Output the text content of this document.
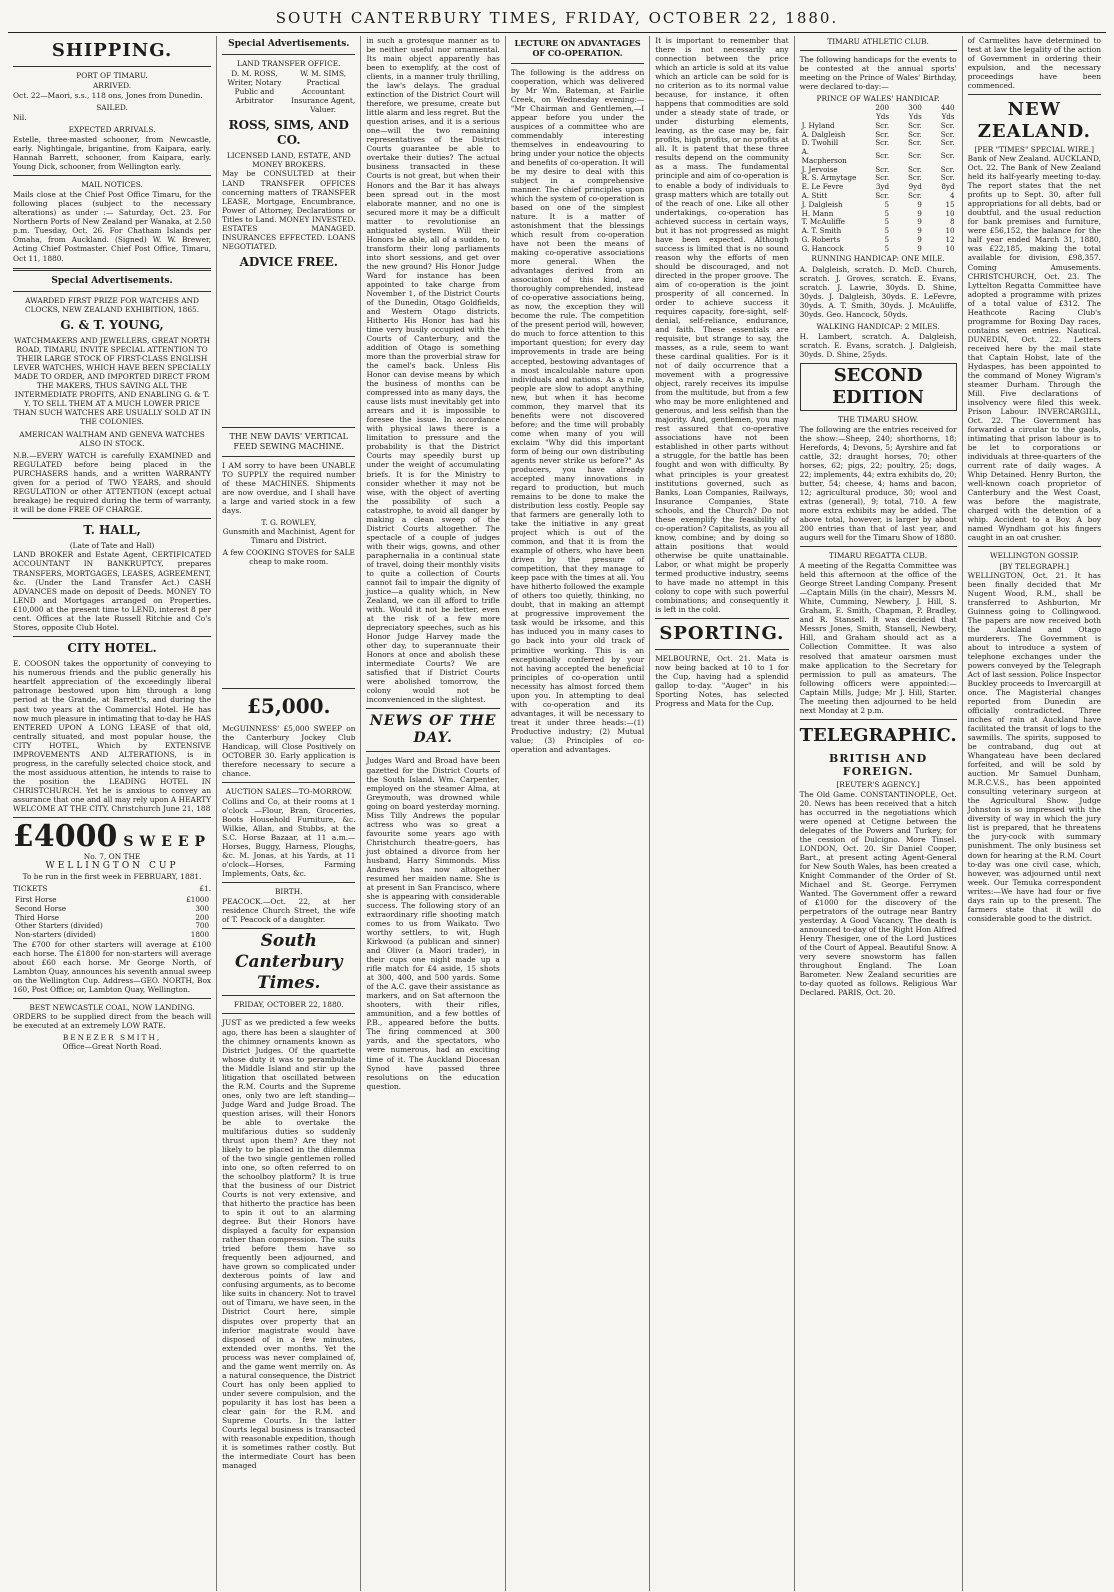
SOUTH CANTERBURY TIMES, FRIDAY, OCTOBER 22, 1880.
SHIPPING.
PORT OF TIMARU.
ARRIVED.

Oct. 22—Maori, s.s., 118 ons, Jones from Dunedin.

SAILED.

Nil.

EXPECTED ARRIVALS.

Estelle, three-masted schooner, from Newcastle, early. Nightingale, brigantine, from Kaipara, early. Hannah Barrett, schooner, from Kaipara, early. Young Dick, schooner, from Wellington early.

MAIL NOTICES.

Mails close at the Chief Post Office Timaru, for the following places (subject to the necessary alterations) as under :— Saturday, Oct. 23. For Northern Ports of New Zealand per Wanaka, at 2.50 p.m. Tuesday, Oct. 26. For Chatham Islands per Omaha, from Auckland. (Signed) W. W. Brewer, Acting Chief Postmaster. Chief Post Office, Timaru, Oct 11, 1880.

Special Advertisements.

AWARDED FIRST PRIZE FOR WATCHES AND CLOCKS, NEW ZEALAND EXHIBITION, 1865.

G. & T. YOUNG,

WATCHMAKERS AND JEWELLERS, GREAT NORTH ROAD, TIMARU, INVITE SPECIAL ATTENTION TO THEIR LARGE STOCK OF FIRST-CLASS ENGLISH LEVER WATCHES, WHICH HAVE BEEN SPECIALLY MADE TO ORDER, AND IMPORTED DIRECT FROM THE MAKERS, THUS SAVING ALL THE INTERMEDIATE PROFITS, AND ENABLING G. & T. Y. TO SELL THEM AT A MUCH LOWER PRICE THAN SUCH WATCHES ARE USUALLY SOLD AT IN THE COLONIES.

AMERICAN WALTHAM AND GENEVA WATCHES ALSO IN STOCK.

N.B.—EVERY WATCH is carefully EXAMINED and REGULATED before being placed in the PURCHASERS hands, and a written WARRANTY given for a period of TWO YEARS, and should REGULATION or other ATTENTION (except actual breakage) be required during the term of warranty, it will be done FREE OF CHARGE.

T. HALL,
(Late of Tate and Hall)

LAND BROKER and Estate Agent, CERTIFICATED ACCOUNTANT IN BANKRUPTCY, prepares TRANSFERS, MORTGAGES, LEASES, AGREEMENT, &c. (Under the Land Transfer Act.) CASH ADVANCES made on deposit of Deeds. MONEY TO LEND and Mortgages arranged on Properties. £10,000 at the present time to LEND, interest 8 per cent. Offices at the late Russell Ritchie and Co's Stores, opposite Club Hotel.

CITY HOTEL.

E. COOSON takes the opportunity of conveying to his numerous friends and the public generally his heartfelt appreciation of the exceedingly liberal patronage bestowed upon him through a long period at the Grande, at Barrett's, and during the past two years at the Commercial Hotel. He has now much pleasure in intimating that to-day he HAS ENTERED UPON A LONG LEASE of that old, centrally situated, and most popular house, the CITY HOTEL, Which by EXTENSIVE IMPROVEMENTS AND ALTERATIONS, is in progress, in the carefully selected choice stock, and the most assiduous attention, he intends to raise to the position the LEADING HOTEL IN CHRISTCHURCH. Yet he is anxious to convey an assurance that one and all may rely upon A HEARTY WELCOME AT THE CITY. Christchurch June 21, 188

£4000 SWEEP
No. 7, ON THE
WELLINGTON CUP
To be run in the first week in FEBRUARY, 1881.
TICKETS	£1.
First Horse	£1000
Second Horse	300
Third Horse	200
Other Starters (divided)	700
Non-starters (divided)	1800

The £700 for other starters will average at £100 each horse. The £1800 for non-starters will average about £60 each horse. Mr George North, of Lambton Quay, announces his seventh annual sweep on the Wellington Cup. Address—GEO. NORTH, Box 160, Post Office; or, Lambton Quay, Wellington.

BEST NEWCASTLE COAL, NOW LANDING.

ORDERS to be supplied direct from the beach will be executed at an extremely LOW RATE.

BENEZER SMITH,
Office—Great North Road.
Special Advertisements.
LAND TRANSFER OFFICE.
D. M. ROSS, Writer, Notary Public and Arbitrator
W. M. SIMS, Practical Accountant Insurance Agent, Valuer.
ROSS, SIMS, AND CO.
LICENSED LAND, ESTATE, AND MONEY BROKERS.

May be CONSULTED at their LAND TRANSFER OFFICES concerning matters of TRANSFER LEASE, Mortgage, Encumbrance, Power of Attorney, Declarations or Titles to Land. MONEY INVESTED. ESTATES MANAGED. INSURANCES EFFECTED. LOANS NEGOTIATED.

ADVICE FREE.
THE NEW DAVIS' VERTICAL FEED SEWING MACHINE.

I AM sorry to have been UNABLE TO SUPPLY the required number of these MACHINES. Shipments are now overdue, and I shall have a large and varied stock in a few days.

T. G. ROWLEY,

Gunsmith and Machinist, Agent for Timaru and District.

A few COOKING STOVES for SALE cheap to make room.

£5,000.

McGUINNESS' £5,000 SWEEP on the Canterbury Jockey Club Handicap, will Close Positively on OCTOBER 30. Early application is therefore necessary to secure a chance.

AUCTION SALES—TO-MORROW.

Collins and Co, at their rooms at 1 o'clock —Flour, Bran, Groceries, Boots Household Furniture, &c. Wilkie, Allan, and Stubbs, at the S.C. Horse Bazaar, at 11 a.m.—Horses, Buggy, Harness, Ploughs, &c. M. Jonas, at his Yards, at 11 o'clock—Horses, Farming Implements, Oats, &c.

BIRTH.

PEACOCK.—Oct. 22, at her residence Church Street, the wife of T. Peacock of a daughter.

South Canterbury Times.
FRIDAY, OCTOBER 22, 1880.

JUST as we predicted a few weeks ago, there has been a slaughter of the chimney ornaments known as District Judges. Of the quartette whose duty it was to perambulate the Middle Island and stir up the litigation that oscillated between the R.M. Courts and the Supreme ones, only two are left standing—Judge Ward and Judge Broad. The question arises, will their Honors be able to overtake the multifarious duties so suddenly thrust upon them? Are they not likely to be placed in the dilemma of the two single gentlemen rolled into one, so often referred to on the schoolboy platform? It is true that the business of our District Courts is not very extensive, and that hitherto the practice has been to spin it out to an alarming degree. But their Honors have displayed a faculty for expansion rather than compression. The suits tried before them have so frequently been adjourned, and have grown so complicated under dexterous points of law and confusing arguments, as to become like suits in chancery. Not to travel out of Timaru, we have seen, in the District Court here, simple disputes over property that an inferior magistrate would have disposed of in a few minutes, extended over months. Yet the process was never complained of, and the game went merrily on. As a natural consequence, the District Court has only been applied to under severe compulsion, and the popularity it has lost has been a clear gain for the R.M. and Supreme Courts. In the latter Courts legal business is transacted with reasonable expedition, though it is sometimes rather costly. But the intermediate Court has been managed

in such a grotesque manner as to be neither useful nor ornamental. Its main object apparently has been to exemplify, at the cost of clients, in a manner truly thrilling, the law's delays. The gradual extinction of the District Court will therefore, we presume, create but little alarm and less regret. But the question arises, and it is a serious one—will the two remaining representatives of the District Courts guarantee be able to overtake their duties? The actual business transacted in these Courts is not great, but when their Honors and the Bar it has always been spread out in the most elaborate manner, and no one is secured more it may be a difficult matter to revolutionise an antiquated system. Will their Honors be able, all of a sudden, to transform their long parliaments into short sessions, and get over the new ground? His Honor Judge Ward for instance has been appointed to take charge from November 1, of the District Courts of the Dunedin, Otago Goldfields, and Western Otago districts. Hitherto His Honor has had his time very busily occupied with the Courts of Canterbury, and the addition of Otago is something more than the proverbial straw for the camel's back. Unless His Honor can devise means by which the business of months can be compressed into as many days, the cause lists must inevitably get into arrears and it is impossible to foresee the issue. In accordance with physical laws there is a limitation to pressure and the probability is that the District Courts may speedily burst up under the weight of accumulating briefs. It is for the Ministry to consider whether it may not be wise, with the object of averting the possibility of such a catastrophe, to avoid all danger by making a clean sweep of the District Courts altogether. The spectacle of a couple of judges with their wigs, gowns, and other paraphernalia in a continual state of travel, doing their monthly visits to quite a collection of Courts cannot fail to impair the dignity of justice—a quality which, in New Zealand, we can ill afford to trifle with. Would it not be better, even at the risk of a few more depreciatory speeches, such as his Honor Judge Harvey made the other day, to superannuate their Honors at once and abolish these intermediate Courts? We are satisfied that if District Courts were abolished tomorrow, the colony would not be inconvenienced in the slightest.

NEWS OF THE DAY.

Judges Ward and Broad have been gazetted for the District Courts of the South Island. Wm. Carpenter, employed on the steamer Alma, at Greymouth, was drowned while going on board yesterday morning. Miss Tilly Andrews the popular actress who was so great a favourite some years ago with Christchurch theatre-goers, has just obtained a divorce from her husband, Harry Simmonds. Miss Andrews has now altogether resumed her maiden name. She is at present in San Francisco, where she is appearing with considerable success. The following story of an extraordinary rifle shooting match comes to us from Waikato. Two worthy settlers, to wit, Hugh Kirkwood (a publican and sinner) and Oliver (a Maori trader), in their cups one night made up a rifle match for £4 aside, 15 shots at 300, 400, and 500 yards. Some of the A.C. gave their assistance as markers, and on Sat afternoon the shooters, with their rifles, ammunition, and a few bottles of P.B., appeared before the butts. The firing commenced at 300 yards, and the spectators, who were numerous, had an exciting time of it. The Auckland Diocesan Synod have passed three resolutions on the education question.

LECTURE ON ADVANTAGES OF CO-OPERATION.

The following is the address on cooperation, which was delivered by Mr Wm. Bateman, at Fairlie Creek, on Wednesday evening:— "Mr Chairman and Gentlemen,—I appear before you under the auspices of a committee who are commendably interesting themselves in endeavouring to bring under your notice the objects and benefits of co-operation. It will be my desire to deal with this subject in a comprehensive manner. The chief principles upon which the system of co-operation is based on one of the simplest nature. It is a matter of astonishment that the blessings which result from co-operation have not been the means of making co-operative associations more general. When the advantages derived from an association of this kind, are thoroughly comprehended, instead of co-operative associations being, as now, the exception they will become the rule. The competition of the present period will, however, do much to force attention to this important question; for every day improvements in trade are being accepted, bestowing advantages of a most incalculable nature upon individuals and nations. As a rule, people are slow to adopt anything new, but when it has become common, they marvel that its benefits were not discovered before; and the time will probably come when many of you will exclaim "Why did this important form of being our own distributing agents never strike us before?" As producers, you have already accepted many innovations in regard to production, but much remains to be done to make the distribution less costly. People say that farmers are generally loth to take the initiative in any great project which is out of the common, and that it is from the example of others, who have been driven by the pressure of competition, that they manage to keep pace with the times at all. You have hitherto followed the example of others too quietly, thinking, no doubt, that in making an attempt at progressive improvement the task would be irksome, and this has induced you in many cases to go back into your old track of primitive working. This is an exceptionally conferred by your not having accepted the beneficial principles of co-operation until necessity has almost forced them upon you. In attempting to deal with co-operation and its advantages, it will be necessary to treat it under three heads:—(1) Productive industry; (2) Mutual value; (3) Principles of co-operation and advantages.

It is important to remember that there is not necessarily any connection between the price which an article is sold at its value which an article can be sold for is no criterion as to its normal value because, for instance, it often happens that commodities are sold under a steady state of trade, or under disturbing elements, leaving, as the case may be, fair profits, high profits, or no profits at all. It is patent that these three results depend on the community as a mass. The fundamental principle and aim of co-operation is to enable a body of individuals to grasp matters which are totally out of the reach of one. Like all other undertakings, co-operation has achieved success in certain ways, but it has not progressed as might have been expected. Although success is limited that is no sound reason why the efforts of men should be discouraged, and not directed in the proper groove. The aim of co-operation is the joint prosperity of all concerned. In order to achieve success it requires capacity, fore-sight, self-denial, self-reliance, endurance, and faith. These essentials are requisite, but strange to say, the masses, as a rule, seem to want these cardinal qualities. For is it not of daily occurrence that a movement with a progressive object, rarely receives its impulse from the multitude, but from a few who may be more enlightened and generous, and less selfish than the majority. And, gentlemen, you may rest assured that co-operative associations have not been established in other parts without a struggle, for the battle has been fought and won with difficulty. By what principles is your greatest institutions governed, such as Banks, Loan Companies, Railways, Insurance Companies, State schools, and the Church? Do not these exemplify the feasibility of co-operation? Capitalists, as you all know, combine; and by doing so attain positions that would otherwise be quite unattainable. Labor, or what might be properly termed productive industry, seems to have made no attempt in this colony to cope with such powerful combinations; and consequently it is left in the cold.

SPORTING.

MELBOURNE, Oct. 21. Mata is now being backed at 10 to 1 for the Cup, having had a splendid gallop to-day. "Auger" in his Sporting Notes, has selected Progress and Mata for the Cup.

TIMARU ATHLETIC CLUB.

The following handicaps for the events to be contested at the annual sports' meeting on the Prince of Wales' Birthday, were declared to-day:—

PRINCE OF WALES' HANDICAP.
	200 Yds	300 Yds	440 Yds
J. Hyland	Scr.	Scr.	Scr.
A. Dalgleish	Scr.	Scr.	Scr.
D. Twohill	Scr.	Scr.	Scr.
A. Macpherson	Scr.	Scr.	Scr.
J. Jervoise	Scr.	Scr.	Scr.
R. S. Armytage	Scr.	Scr.	Scr.
E. Le Fevre	3yd	9yd	8yd
A. Stitt	Scr.	Scr.	4
J. Dalgleish	5	9	15
H. Mann	5	9	10
T. McAuliffe	5	9	8
A. T. Smith	5	9	10
G. Roberts	5	9	12
G. Hancock	5	9	10
RUNNING HANDICAP: ONE MILE.

A. Dalgleish, scratch. D. McD. Church, scratch. J. Groves, scratch. E. Evans, scratch. J. Lawrie, 30yds. D. Shine, 30yds. J. Dalgleish, 30yds. E. LeFevre, 30yds. A. T. Smith, 30yds. J. McAuliffe, 30yds. Geo. Hancock, 50yds.

WALKING HANDICAP: 2 MILES.

H. Lambert, scratch. A. Dalgleish, scratch. E. Evans, scratch. J. Dalgleish, 30yds. D. Shine, 25yds.

SECOND EDITION
THE TIMARU SHOW.

The following are the entries received for the show:—Sheep, 240; shorthorns, 18; Herefords, 4; Devons, 5; Ayrshire and fat cattle, 32; draught horses, 70; other horses, 62; pigs, 22; poultry, 25; dogs, 22; implements, 44; extra exhibits do, 20; butter, 54; cheese, 4; hams and bacon, 12; agricultural produce, 30; wool and extras (general), 9; total, 710. A few more extra exhibits may be added. The above total, however, is larger by about 200 entries than that of last year, and augurs well for the Timaru Show of 1880.

TIMARU REGATTA CLUB.

A meeting of the Regatta Committee was held this afternoon at the office of the George Street Landing Company. Present—Captain Mills (in the chair), Messrs M. White, Cumming, Newbery, J. Hill, S. Graham, E. Smith, Chapman, P. Bradley, and R. Stansell. It was decided that Messrs Jones, Smith, Stansell, Newbery, Hill, and Graham should act as a Collection Committee. It was also resolved that amateur oarsmen must make application to the Secretary for permission to pull as amateurs. The following officers were appointed:—Captain Mills, Judge; Mr J. Hill, Starter. The meeting then adjourned to be held next Monday at 2 p.m.

TELEGRAPHIC.
BRITISH AND FOREIGN.
[REUTER'S AGENCY.]

The Old Game. CONSTANTINOPLE, Oct. 20. News has been received that a hitch has occurred in the negotiations which were opened at Cetigne between the delegates of the Powers and Turkey, for the cession of Dulcigno. More Tinsel. LONDON, Oct. 20. Sir Daniel Cooper, Bart., at present acting Agent-General for New South Wales, has been created a Knight Commander of the Order of St. Michael and St. George. Ferrymen Wanted. The Government offer a reward of £1000 for the discovery of the perpetrators of the outrage near Bantry yesterday. A Good Vacancy. The death is announced to-day of the Right Hon Alfred Henry Thesiger, one of the Lord Justices of the Court of Appeal. Beautiful Snow. A very severe snowstorm has fallen throughout England. The Loan Barometer. New Zealand securities are to-day quoted as follows. Religious War Declared. PARIS, Oct. 20.

of Carmelites have determined to test at law the legality of the action of Government in ordering their expulsion, and the necessary proceedings have been commenced.

NEW ZEALAND.
[PER "TIMES" SPECIAL WIRE.]

Bank of New Zealand. AUCKLAND, Oct. 22. The Bank of New Zealand held its half-yearly meeting to-day. The report states that the net profits up to Sept. 30, after full appropriations for all debts, bad or doubtful, and the usual reduction for bank premises and furniture, were £56,152, the balance for the half year ended March 31, 1880, was £22,185, making the total available for division, £98,357. Coming Amusements. CHRISTCHURCH, Oct. 23. The Lyttelton Regatta Committee have adopted a programme with prizes of a total value of £312. The Heathcote Racing Club's programme for Boxing Day races, contains seven entries. Nautical. DUNEDIN, Oct. 22. Letters received here by the mail state that Captain Hobst, late of the Hydaspes, has been appointed to the command of Money Wigram's steamer Durham. Through the Mill. Five declarations of insolvency were filed this week. Prison Labour. INVERCARGILL, Oct. 22. The Government has forwarded a circular to the gaols, intimating that prison labour is to be let to corporations or individuals at three-quarters of the current rate of daily wages. A Whip Detained. Henry Burton, the well-known coach proprietor of Canterbury and the West Coast, was before the magistrate, charged with the detention of a whip. Accident to a Boy. A boy named Wyndham got his fingers caught in an oat crusher.

WELLINGTON GOSSIP.
[BY TELEGRAPH.]

WELLINGTON, Oct. 21. It has been finally decided that Mr Nugent Wood, R.M., shall be transferred to Ashburton, Mr Guinness going to Collingwood. The papers are now received both the Auckland and Otago murderers. The Government is about to introduce a system of telephone exchanges under the powers conveyed by the Telegraph Act of last session. Police Inspector Buckley proceeds to Invercargill at once. The Magisterial changes reported from Dunedin are officially contradicted. Three inches of rain at Auckland have facilitated the transit of logs to the sawmills. The spirits, supposed to be contraband, dug out at Whangateau have been declared forfeited, and will be sold by auction. Mr Samuel Dunham, M.R.C.V.S., has been appointed consulting veterinary surgeon at the Agricultural Show. Judge Johnston is so impressed with the diversity of way in which the jury list is prepared, that he threatens the jury-cock with summary punishment. The only business set down for hearing at the R.M. Court to-day was one civil case, which, however, was adjourned until next week. Our Temuka correspondent writes:—We have had four or five days rain up to the present. The farmers state that it will do considerable good to the district.
